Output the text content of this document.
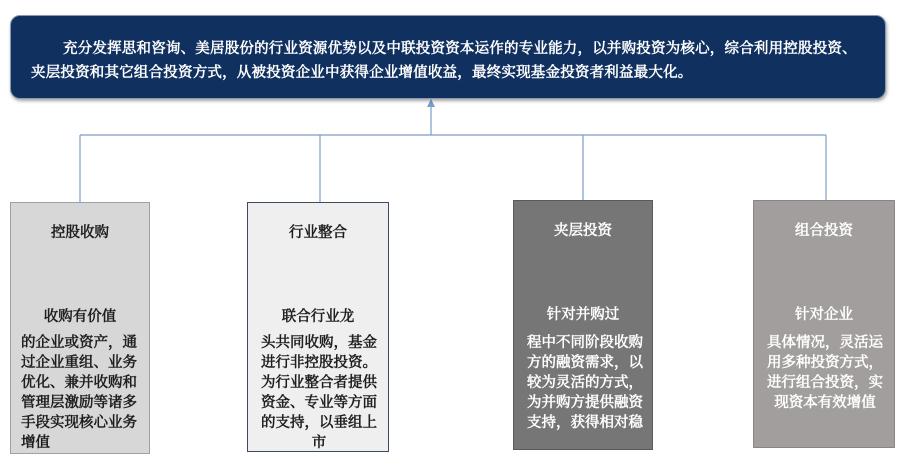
充分发挥思和咨询、美居股份的行业资源优势以及中联投资资本运作的专业能力，以并购投资为核心，综合利用控股投资、夹层投资和其它组合投资方式，从被投资企业中获得企业增值收益，最终实现基金投资者利益最大化。
控股收购
收购有价值
的企业或资产，通过企业重组、业务优化、兼并收购和管理层激励等诸多手段实现核心业务增值
行业整合
联合行业龙
头共同收购，基金进行非控股投资。为行业整合者提供资金、专业等方面的支持，以垂组上市
夹层投资
针对并购过
程中不同阶段收购方的融资需求，以较为灵活的方式，为并购方提供融资支持，获得相对稳
组合投资
针对企业
具体情况，灵活运用多种投资方式，进行组合投资，实现资本有效增值
